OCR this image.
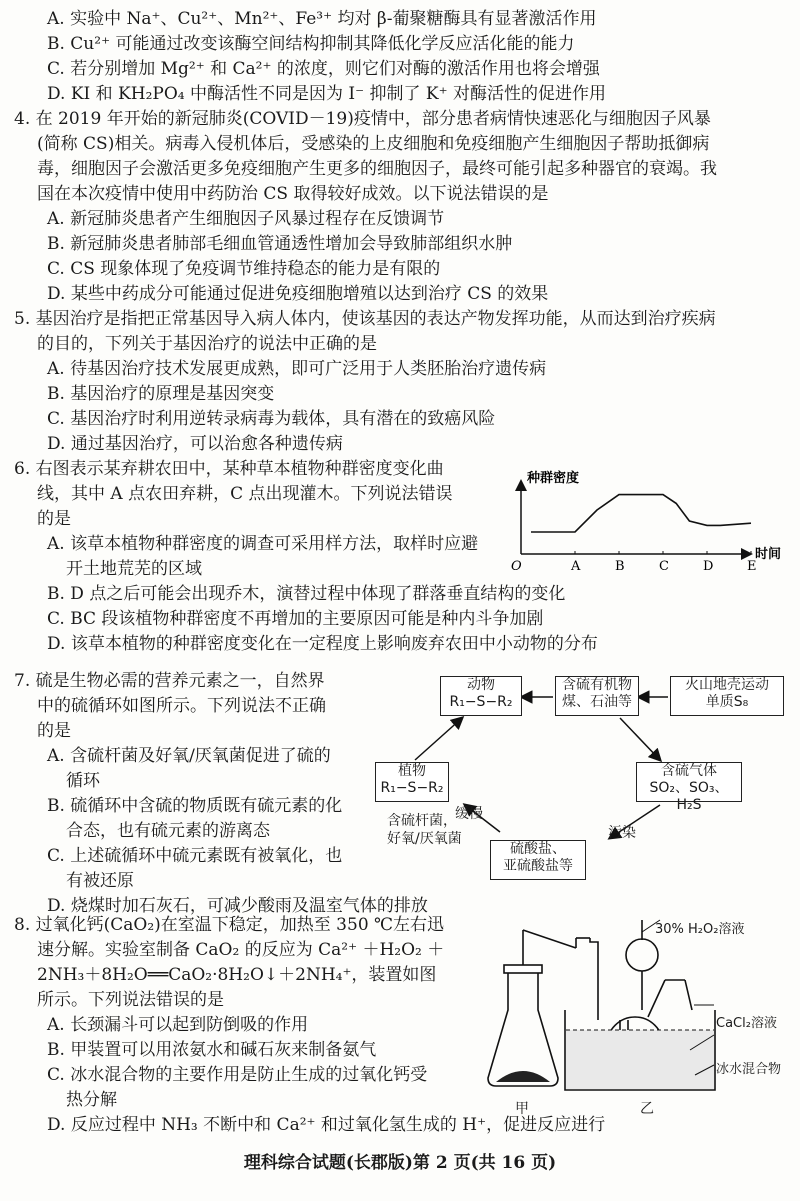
A. 实验中 Na⁺、Cu²⁺、Mn²⁺、Fe³⁺ 均对 β-葡聚糖酶具有显著激活作用
B. Cu²⁺ 可能通过改变该酶空间结构抑制其降低化学反应活化能的能力
C. 若分别增加 Mg²⁺ 和 Ca²⁺ 的浓度，则它们对酶的激活作用也将会增强
D. KI 和 KH₂PO₄ 中酶活性不同是因为 I⁻ 抑制了 K⁺ 对酶活性的促进作用
4. 在 2019 年开始的新冠肺炎(COVID－19)疫情中，部分患者病情快速恶化与细胞因子风暴
(简称 CS)相关。病毒入侵机体后，受感染的上皮细胞和免疫细胞产生细胞因子帮助抵御病
毒，细胞因子会激活更多免疫细胞产生更多的细胞因子，最终可能引起多种器官的衰竭。我
国在本次疫情中使用中药防治 CS 取得较好成效。以下说法错误的是
A. 新冠肺炎患者产生细胞因子风暴过程存在反馈调节
B. 新冠肺炎患者肺部毛细血管通透性增加会导致肺部组织水肿
C. CS 现象体现了免疫调节维持稳态的能力是有限的
D. 某些中药成分可能通过促进免疫细胞增殖以达到治疗 CS 的效果
5. 基因治疗是指把正常基因导入病人体内，使该基因的表达产物发挥功能，从而达到治疗疾病
的目的，下列关于基因治疗的说法中正确的是
A. 待基因治疗技术发展更成熟，即可广泛用于人类胚胎治疗遗传病
B. 基因治疗的原理是基因突变
C. 基因治疗时利用逆转录病毒为载体，具有潜在的致癌风险
D. 通过基因治疗，可以治愈各种遗传病
6. 右图表示某弃耕农田中，某种草本植物种群密度变化曲
线，其中 A 点农田弃耕，C 点出现灌木。下列说法错误
的是
A. 该草本植物种群密度的调查可采用样方法，取样时应避
开土地荒芜的区域
B. D 点之后可能会出现乔木，演替过程中体现了群落垂直结构的变化
C. BC 段该植物种群密度不再增加的主要原因可能是种内斗争加剧
D. 该草本植物的种群密度变化在一定程度上影响废弃农田中小动物的分布
种群密度
时间
O	A	B	C	D	E
7. 硫是生物必需的营养元素之一，自然界
中的硫循环如图所示。下列说法不正确
的是
A. 含硫杆菌及好氧/厌氧菌促进了硫的
循环
B. 硫循环中含硫的物质既有硫元素的化
合态，也有硫元素的游离态
C. 上述硫循环中硫元素既有被氧化，也
有被还原
D. 烧煤时加石灰石，可减少酸雨及温室气体的排放
动物
R₁−S−R₂
含硫有机物
煤、石油等
火山地壳运动
单质S₈
植物
R₁−S−R₂
含硫气体
SO₂、SO₃、H₂S
硫酸盐、
亚硫酸盐等
含硫杆菌，
好氧/厌氧菌
缓慢
污染
8. 过氧化钙(CaO₂)在室温下稳定，加热至 350 ℃左右迅
速分解。实验室制备 CaO₂ 的反应为 Ca²⁺ ＋H₂O₂ ＋
2NH₃＋8H₂O══CaO₂·8H₂O↓＋2NH₄⁺，装置如图
所示。下列说法错误的是
A. 长颈漏斗可以起到防倒吸的作用
B. 甲装置可以用浓氨水和碱石灰来制备氨气
C. 冰水混合物的主要作用是防止生成的过氧化钙受
热分解
D. 反应过程中 NH₃ 不断中和 Ca²⁺ 和过氧化氢生成的 H⁺，促进反应进行
30% H₂O₂溶液
CaCl₂溶液
冰水混合物
甲	乙
理科综合试题(长郡版)第 2 页(共 16 页)
